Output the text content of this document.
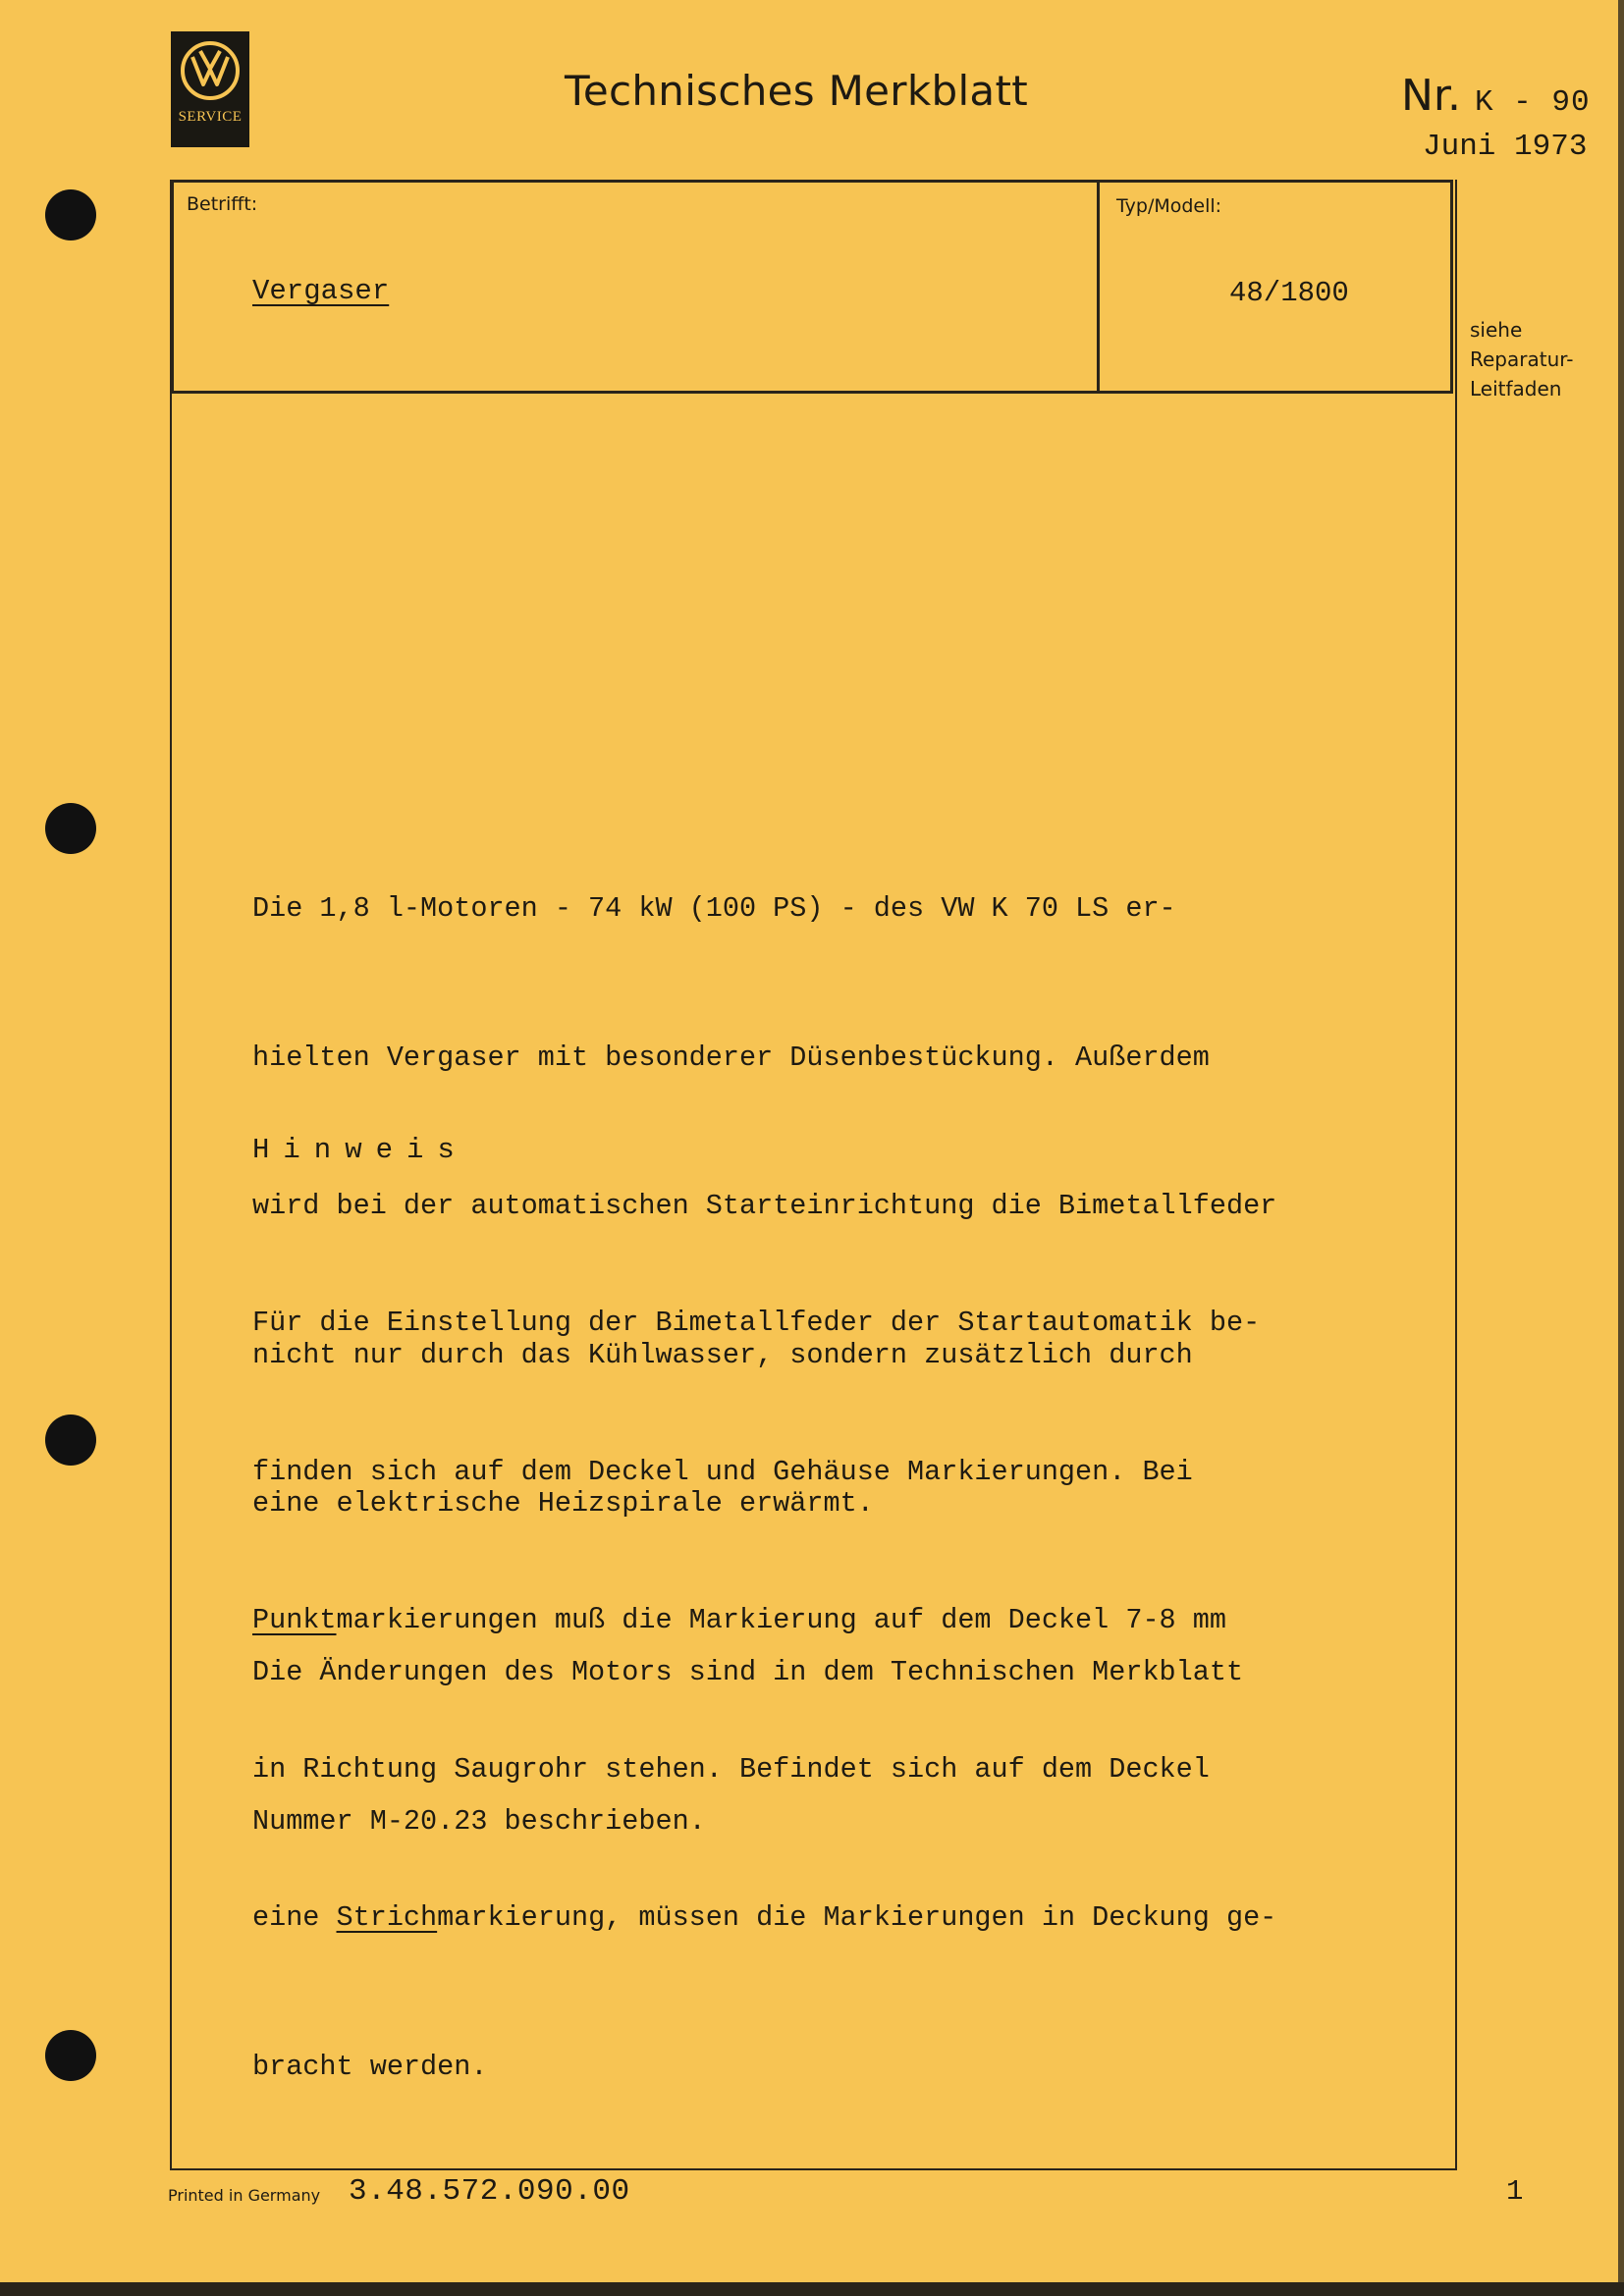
SERVICE
Technisches Merkblatt	Nr. K - 90
Juni 1973
Betrifft:
Vergaser
Typ/Modell:
48/1800
siehe
Reparatur-
Leitfaden

Die 1,8 l-Motoren - 74 kW (100 PS) - des VW K 70 LS er-

hielten Vergaser mit besonderer Düsenbestückung. Außerdem

wird bei der automatischen Starteinrichtung die Bimetallfeder

nicht nur durch das Kühlwasser, sondern zusätzlich durch

eine elektrische Heizspirale erwärmt.

Hinweis

Für die Einstellung der Bimetallfeder der Startautomatik be-

finden sich auf dem Deckel und Gehäuse Markierungen. Bei

Punktmarkierungen muß die Markierung auf dem Deckel 7-8 mm

in Richtung Saugrohr stehen. Befindet sich auf dem Deckel

eine Strichmarkierung, müssen die Markierungen in Deckung ge-

bracht werden.

Die Änderungen des Motors sind in dem Technischen Merkblatt

Nummer M-20.23 beschrieben.

Printed in Germany 3.48.572.090.00	1
